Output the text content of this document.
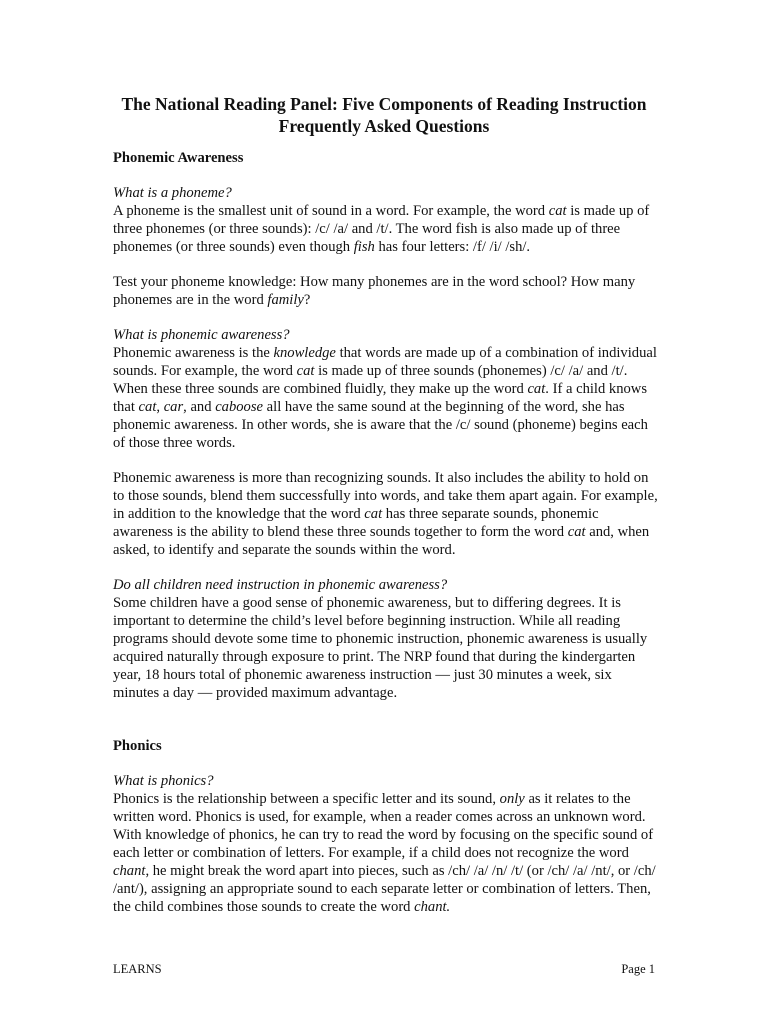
The National Reading Panel: Five Components of Reading Instruction
Frequently Asked Questions
Phonemic Awareness
What is a phoneme?

A phoneme is the smallest unit of sound in a word. For example, the word cat is made up of three phonemes (or three sounds): /c/ /a/ and /t/. The word fish is also made up of three phonemes (or three sounds) even though fish has four letters: /f/ /i/ /sh/.

Test your phoneme knowledge: How many phonemes are in the word school? How many phonemes are in the word family?

What is phonemic awareness?

Phonemic awareness is the knowledge that words are made up of a combination of individual sounds. For example, the word cat is made up of three sounds (phonemes) /c/ /a/ and /t/. When these three sounds are combined fluidly, they make up the word cat. If a child knows that cat, car, and caboose all have the same sound at the beginning of the word, she has phonemic awareness. In other words, she is aware that the /c/ sound (phoneme) begins each of those three words.

Phonemic awareness is more than recognizing sounds. It also includes the ability to hold on to those sounds, blend them successfully into words, and take them apart again. For example, in addition to the knowledge that the word cat has three separate sounds, phonemic awareness is the ability to blend these three sounds together to form the word cat and, when asked, to identify and separate the sounds within the word.

Do all children need instruction in phonemic awareness?

Some children have a good sense of phonemic awareness, but to differing degrees. It is important to determine the child’s level before beginning instruction. While all reading programs should devote some time to phonemic instruction, phonemic awareness is usually acquired naturally through exposure to print. The NRP found that during the kindergarten year, 18 hours total of phonemic awareness instruction — just 30 minutes a week, six minutes a day — provided maximum advantage.

Phonics
What is phonics?

Phonics is the relationship between a specific letter and its sound, only as it relates to the written word. Phonics is used, for example, when a reader comes across an unknown word. With knowledge of phonics, he can try to read the word by focusing on the specific sound of each letter or combination of letters. For example, if a child does not recognize the word chant, he might break the word apart into pieces, such as /ch/ /a/ /n/ /t/ (or /ch/ /a/ /nt/, or /ch/ /ant/), assigning an appropriate sound to each separate letter or combination of letters. Then, the child combines those sounds to create the word chant.

LEARNS	Page 1
